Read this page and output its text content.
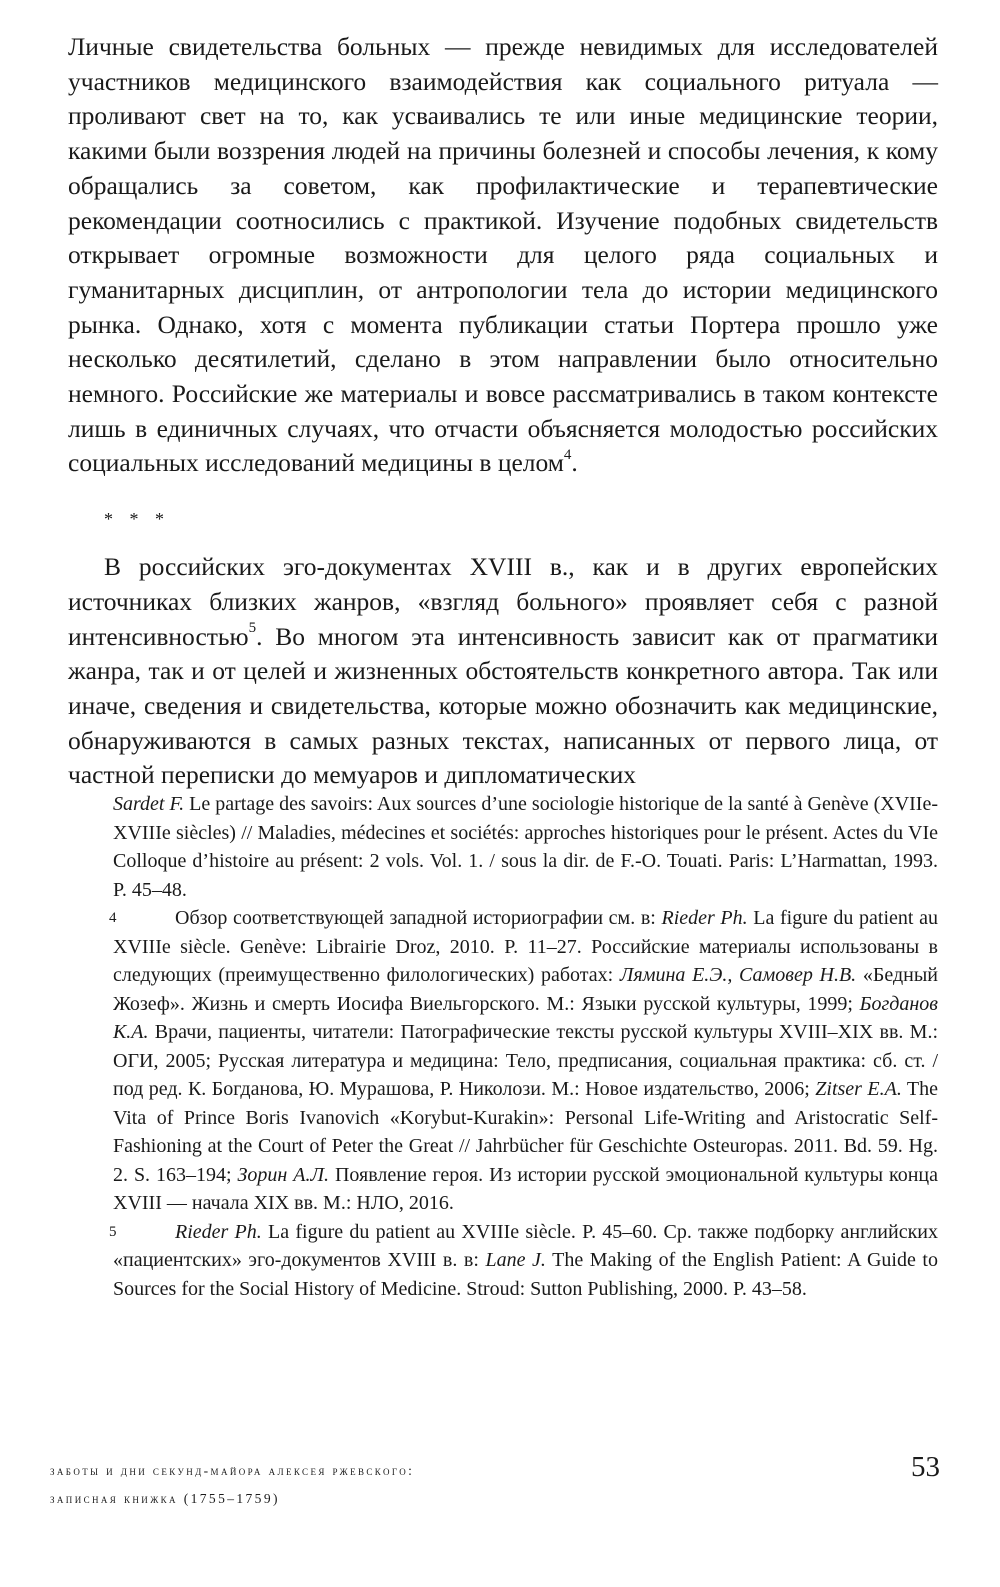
Личные свидетельства больных — прежде невидимых для исследователей участников медицинского взаимодействия как социального ритуала — проливают свет на то, как усваивались те или иные медицинские теории, какими были воззрения людей на причины болезней и способы лечения, к кому обращались за советом, как профилактические и терапевтические рекомендации соотносились с практикой. Изучение подобных свидетельств открывает огромные возможности для целого ряда социальных и гуманитарных дисциплин, от антропологии тела до истории медицинского рынка. Однако, хотя с момента публикации статьи Портера прошло уже несколько десятилетий, сделано в этом направлении было относительно немного. Российские же материалы и вовсе рассматривались в таком контексте лишь в единичных случаях, что отчасти объясняется молодостью российских социальных исследований медицины в целом$^4$.

* * *

В российских эго-документах XVIII в., как и в других европейских источниках близких жанров, «взгляд больного» проявляет себя с разной интенсивностью$^5$. Во многом эта интенсивность зависит как от прагматики жанра, так и от целей и жизненных обстоятельств конкретного автора. Так или иначе, сведения и свидетельства, которые можно обозначить как медицинские, обнаруживаются в самых разных текстах, написанных от первого лица, от частной переписки до мемуаров и дипломатических

Sardet F. Le partage des savoirs: Aux sources d’une sociologie historique de la santé à Genève (XVIIe-XVIIIe siècles) // Maladies, médecines et sociétés: approches historiques pour le présent. Actes du VIe Colloque d’histoire au présent: 2 vols. Vol. 1. / sous la dir. de F.-O. Touati. Paris: L’Harmattan, 1993. P. 45–48.

4	Обзор соответствующей западной историографии см. в: Rieder Ph. La figure du patient au XVIIIe siècle. Genève: Librairie Droz, 2010. P. 11–27. Российские материалы использованы в следующих (преимущественно филологических) работах: Лямина Е.Э., Самовер Н.В. «Бедный Жозеф». Жизнь и смерть Иосифа Виельгорского. М.: Языки русской культуры, 1999; Богданов К.А. Врачи, пациенты, читатели: Патографические тексты русской культуры XVIII–XIX вв. М.: ОГИ, 2005; Русская литература и медицина: Тело, предписания, социальная практика: сб. ст. / под ред. К. Богданова, Ю. Мурашова, Р. Николози. М.: Новое издательство, 2006; Zitser E.A. The Vita of Prince Boris Ivanovich «Korybut-Kurakin»: Personal Life-Writing and Aristocratic Self-Fashioning at the Court of Peter the Great // Jahrbücher für Geschichte Osteuropas. 2011. Bd. 59. Hg. 2. S. 163–194; Зорин А.Л. Появление героя. Из истории русской эмоциональной культуры конца XVIII — начала XIX вв. М.: НЛО, 2016.

5	Rieder Ph. La figure du patient au XVIIIe siècle. P. 45–60. Ср. также подборку английских «пациентских» эго-документов XVIII в. в: Lane J. The Making of the English Patient: A Guide to Sources for the Social History of Medicine. Stroud: Sutton Publishing, 2000. P. 43–58.

заботы и дни секунд-майора алексея ржевского:
записная книжка (1755–1759)
53
